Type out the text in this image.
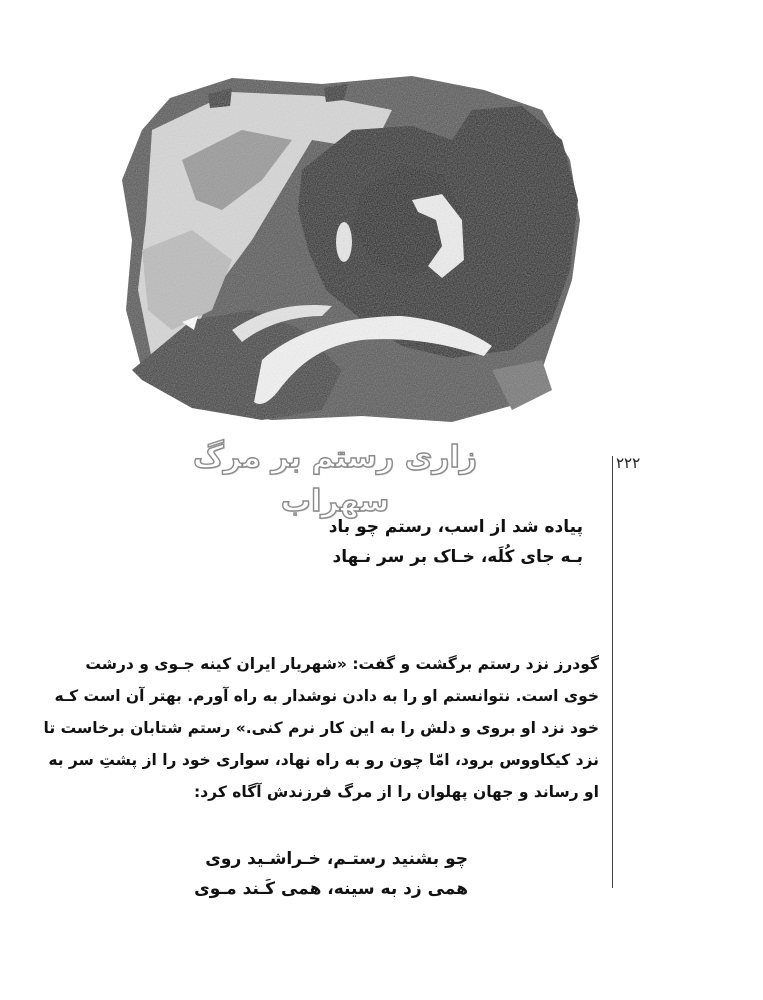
زاری رستم بر مرگ سهراب
۲۲۲
پیاده شد از اسب، رستم چو باد
بـه جای کُلَه، خـاک بر سر نـهاد
گودرز نزد رستم برگشت و گفت: «شهریار ایران کینه جـوی و درشت
خوی است. نتوانستم او را به دادن نوشدار به راه آورم. بهتر آن است کـه
خود نزد او بروی و دلش را به این کار نرم کنی.» رستم شتابان برخاست تا
نزد کیکاووس برود، امّا چون رو به راه نهاد، سواری خود را از پشتِ سر به
او رساند و جهان پهلوان را از مرگ فرزندش آگاه کرد:
چو بشنید رستـم، خـراشـید روی
همی زد به سینه، همی کَـند مـوی
